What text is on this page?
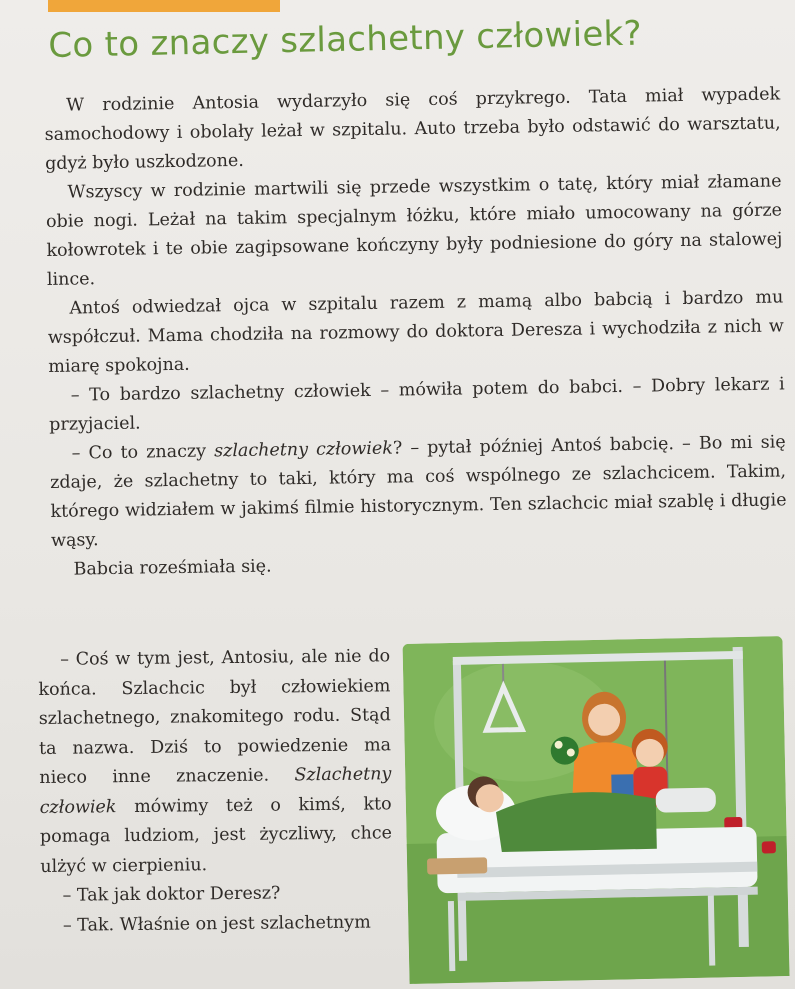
Co to znaczy szlachetny człowiek?

W rodzinie Antosia wydarzyło się coś przykrego. Tata miał wypadek samochodowy i obolały leżał w szpitalu. Auto trzeba było odstawić do warsztatu, gdyż było uszkodzone.

Wszyscy w rodzinie martwili się przede wszystkim o tatę, który miał złamane obie nogi. Leżał na takim specjalnym łóżku, które miało umocowany na górze kołowrotek i te obie zagipsowane kończyny były podniesione do góry na stalowej lince.

Antoś odwiedzał ojca w szpitalu razem z mamą albo babcią i bardzo mu współczuł. Mama chodziła na rozmowy do doktora Deresza i wychodziła z nich w miarę spokojna.

– To bardzo szlachetny człowiek – mówiła potem do babci. – Dobry lekarz i przyjaciel.

– Co to znaczy szlachetny człowiek? – pytał później Antoś babcię. – Bo mi się zdaje, że szlachetny to taki, który ma coś wspólnego ze szlachcicem. Takim, którego widziałem w jakimś filmie historycznym. Ten szlachcic miał szablę i długie wąsy.

Babcia roześmiała się.

– Coś w tym jest, Antosiu, ale nie do końca. Szlachcic był człowiekiem szlachetnego, znakomitego rodu. Stąd ta nazwa. Dziś to powiedzenie ma nieco inne znaczenie. Szlachetny człowiek mówimy też o kimś, kto pomaga ludziom, jest życzliwy, chce ulżyć w cierpieniu.

– Tak jak doktor Deresz?

– Tak. Właśnie on jest szlachetnym
